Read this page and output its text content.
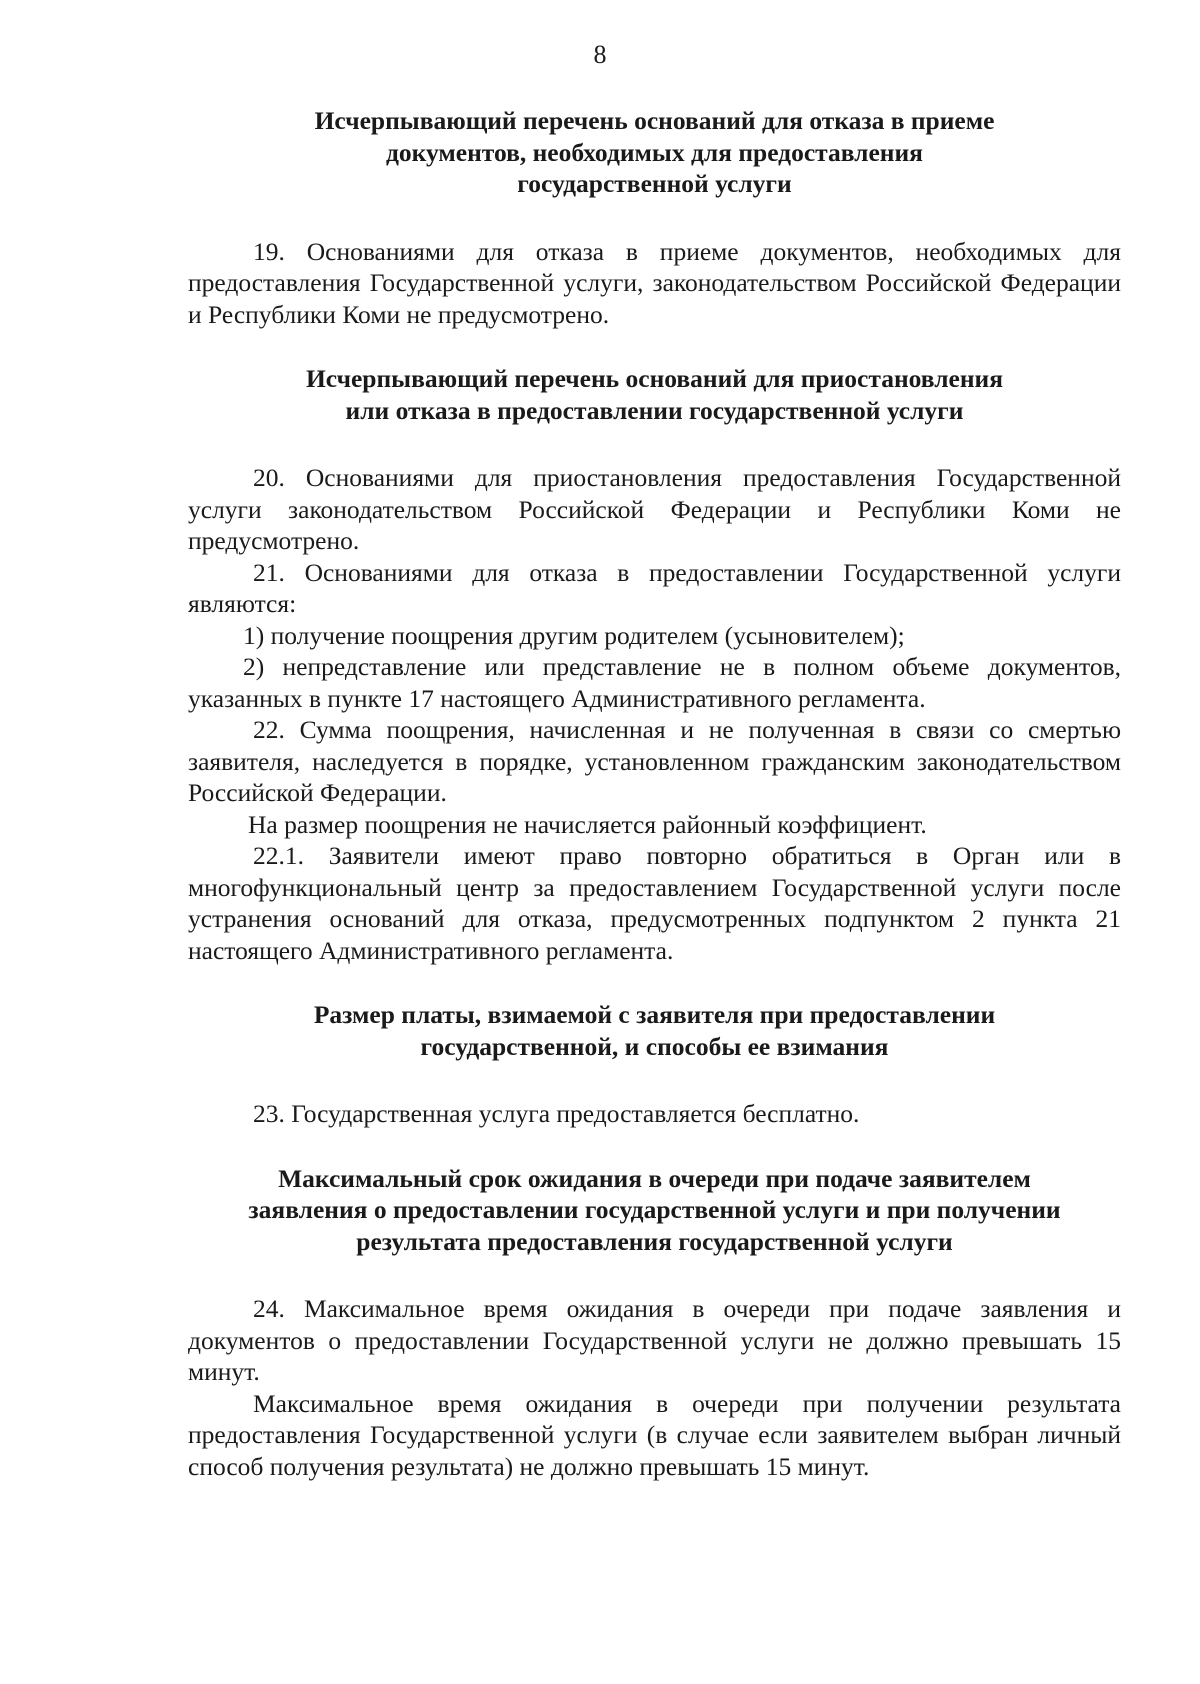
8
Исчерпывающий перечень оснований для отказа в приеме
документов, необходимых для предоставления
государственной услуги

19. Основаниями для отказа в приеме документов, необходимых для предоставления Государственной услуги, законодательством Российской Федерации и Республики Коми не предусмотрено.

Исчерпывающий перечень оснований для приостановления
или отказа в предоставлении государственной услуги

20. Основаниями для приостановления предоставления Государственной услуги законодательством Российской Федерации и Республики Коми не предусмотрено.

21. Основаниями для отказа в предоставлении Государственной услуги являются:

1) получение поощрения другим родителем (усыновителем);

2) непредставление или представление не в полном объеме документов, указанных в пункте 17 настоящего Административного регламента.

22. Сумма поощрения, начисленная и не полученная в связи со смертью заявителя, наследуется в порядке, установленном гражданским законодательством Российской Федерации.

На размер поощрения не начисляется районный коэффициент.

22.1. Заявители имеют право повторно обратиться в Орган или в многофункциональный центр за предоставлением Государственной услуги после устранения оснований для отказа, предусмотренных подпунктом 2 пункта 21 настоящего Административного регламента.

Размер платы, взимаемой с заявителя при предоставлении
государственной, и способы ее взимания

23. Государственная услуга предоставляется бесплатно.

Максимальный срок ожидания в очереди при подаче заявителем
заявления о предоставлении государственной услуги и при получении
результата предоставления государственной услуги

24. Максимальное время ожидания в очереди при подаче заявления и документов о предоставлении Государственной услуги не должно превышать 15 минут.

Максимальное время ожидания в очереди при получении результата предоставления Государственной услуги (в случае если заявителем выбран личный способ получения результата) не должно превышать 15 минут.
